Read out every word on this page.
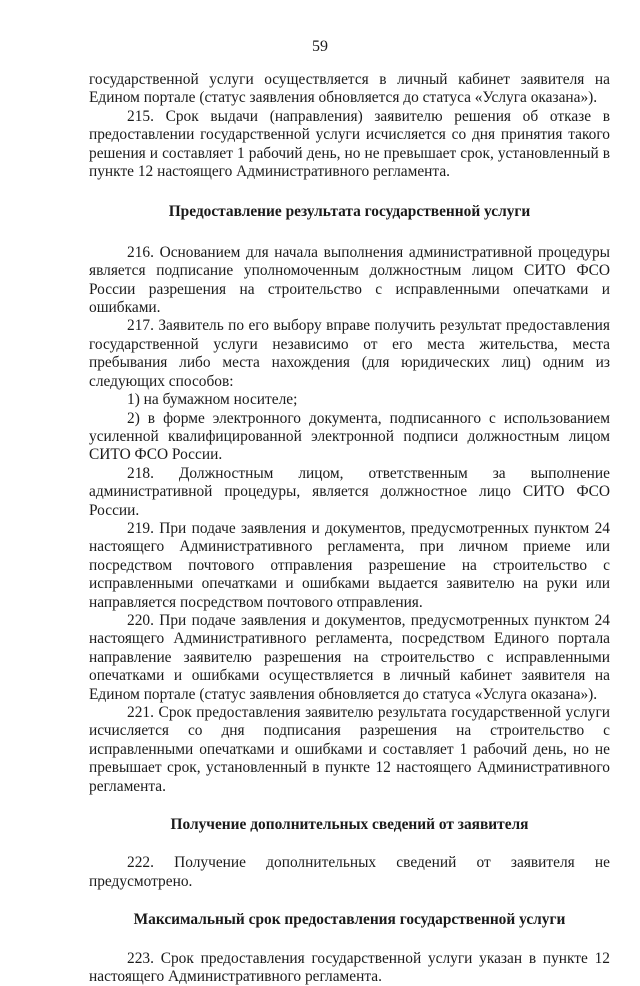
59

государственной услуги осуществляется в личный кабинет заявителя на Едином портале (статус заявления обновляется до статуса «Услуга оказана»).

215. Срок выдачи (направления) заявителю решения об отказе в предоставлении государственной услуги исчисляется со дня принятия такого решения и составляет 1 рабочий день, но не превышает срок, установленный в пункте 12 настоящего Административного регламента.

Предоставление результата государственной услуги

216. Основанием для начала выполнения административной процедуры является подписание уполномоченным должностным лицом СИТО ФСО России разрешения на строительство с исправленными опечатками и ошибками.

217. Заявитель по его выбору вправе получить результат предоставления государственной услуги независимо от его места жительства, места пребывания либо места нахождения (для юридических лиц) одним из следующих способов:

1) на бумажном носителе;

2) в форме электронного документа, подписанного с использованием усиленной квалифицированной электронной подписи должностным лицом СИТО ФСО России.

218. Должностным лицом, ответственным за выполнение административной процедуры, является должностное лицо СИТО ФСО России.

219. При подаче заявления и документов, предусмотренных пунктом 24 настоящего Административного регламента, при личном приеме или посредством почтового отправления разрешение на строительство с исправленными опечатками и ошибками выдается заявителю на руки или направляется посредством почтового отправления.

220. При подаче заявления и документов, предусмотренных пунктом 24 настоящего Административного регламента, посредством Единого портала направление заявителю разрешения на строительство с исправленными опечатками и ошибками осуществляется в личный кабинет заявителя на Едином портале (статус заявления обновляется до статуса «Услуга оказана»).

221. Срок предоставления заявителю результата государственной услуги исчисляется со дня подписания разрешения на строительство с исправленными опечатками и ошибками и составляет 1 рабочий день, но не превышает срок, установленный в пункте 12 настоящего Административного регламента.

Получение дополнительных сведений от заявителя

222. Получение дополнительных сведений от заявителя не предусмотрено.

Максимальный срок предоставления государственной услуги

223. Срок предоставления государственной услуги указан в пункте 12 настоящего Административного регламента.
